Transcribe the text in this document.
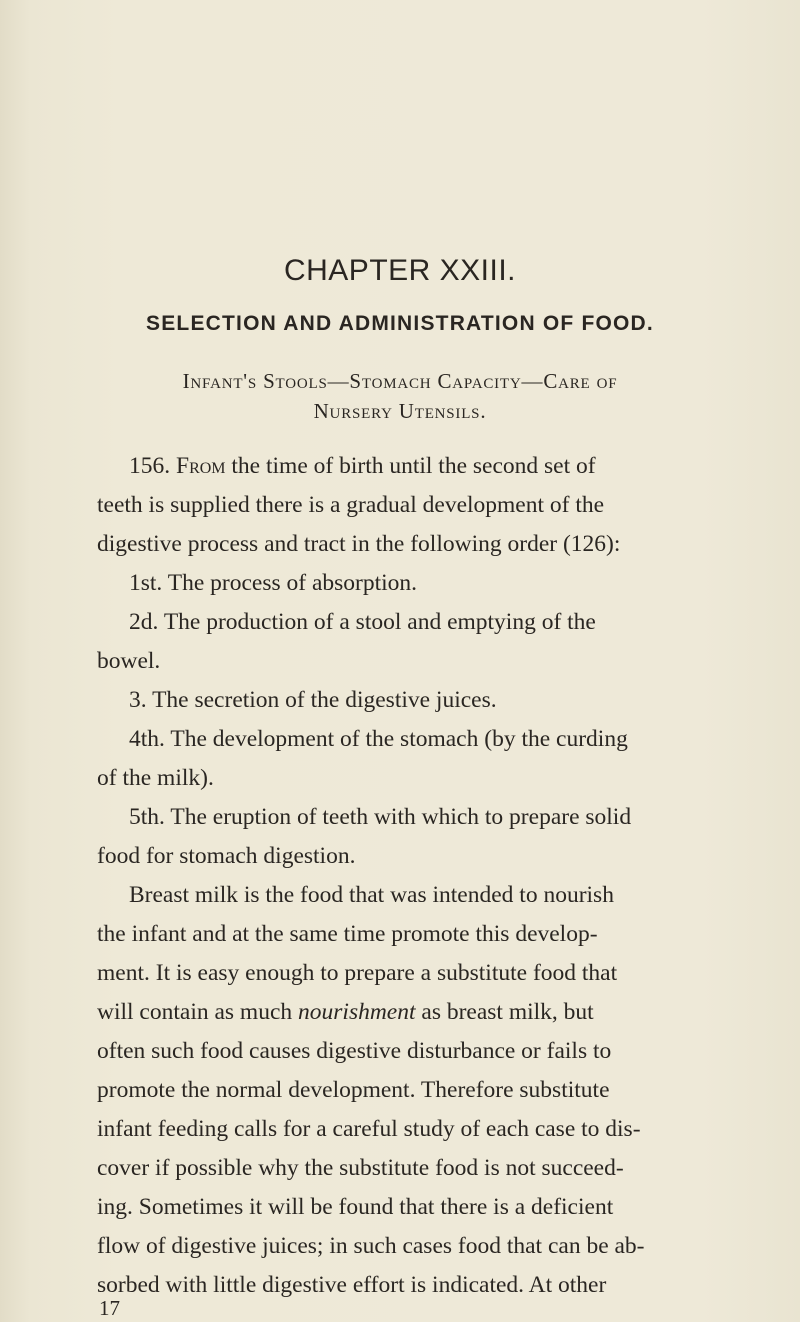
CHAPTER XXIII.
SELECTION AND ADMINISTRATION OF FOOD.
Infant's Stools—Stomach Capacity—Care of
Nursery Utensils.
156. From the time of birth until the second set of
teeth is supplied there is a gradual development of the
digestive process and tract in the following order (126):
1st. The process of absorption.
2d. The production of a stool and emptying of the
bowel.
3. The secretion of the digestive juices.
4th. The development of the stomach (by the curding
of the milk).
5th. The eruption of teeth with which to prepare solid
food for stomach digestion.
Breast milk is the food that was intended to nourish
the infant and at the same time promote this develop-
ment. It is easy enough to prepare a substitute food that
will contain as much nourishment as breast milk, but
often such food causes digestive disturbance or fails to
promote the normal development. Therefore substitute
infant feeding calls for a careful study of each case to dis-
cover if possible why the substitute food is not succeed-
ing. Sometimes it will be found that there is a deficient
flow of digestive juices; in such cases food that can be ab-
sorbed with little digestive effort is indicated. At other
17
